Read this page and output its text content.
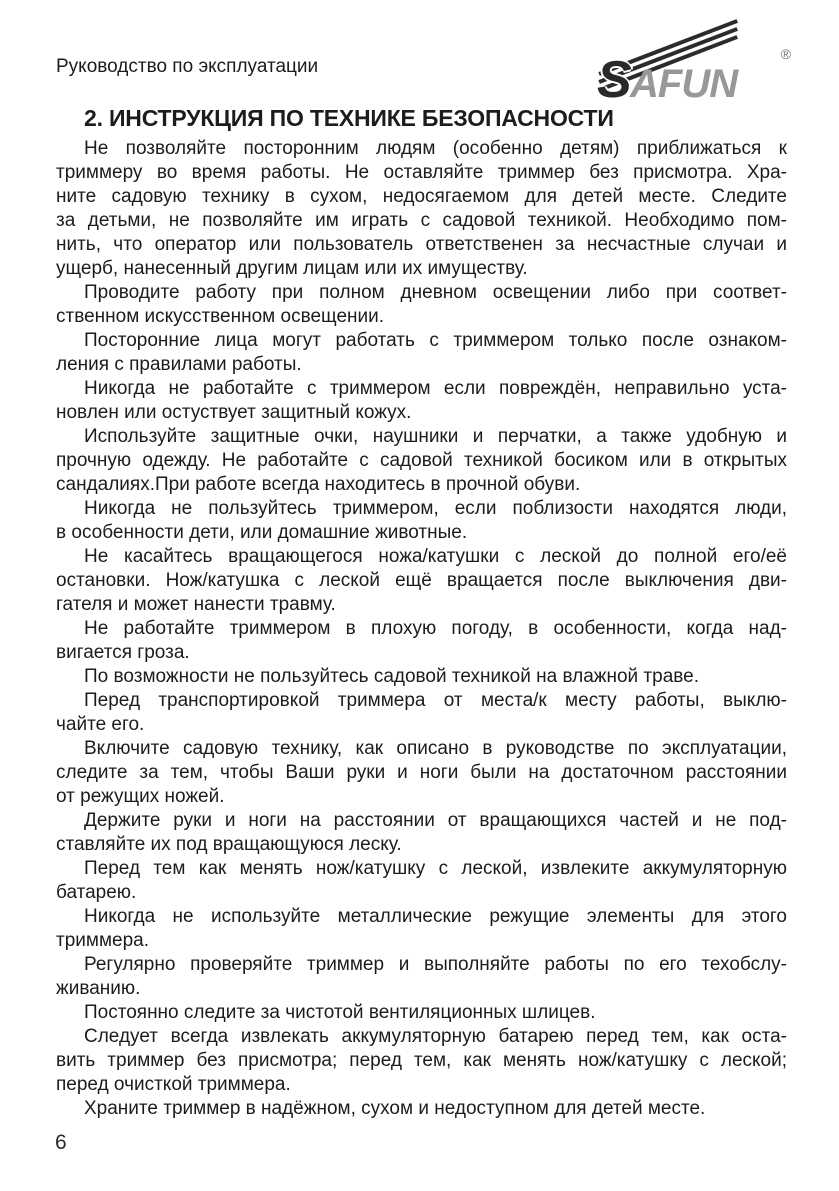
Руководство по эксплуатации	S
AFUN
®
2. ИНСТРУКЦИЯ ПО ТЕХНИКЕ БЕЗОПАСНОСТИ
Не позволяйте посторонним людям (особенно детям) приближаться к
триммеру во время работы. Не оставляйте триммер без присмотра. Хра-
ните садовую технику в сухом, недосягаемом для детей месте. Следите
за детьми, не позволяйте им играть с садовой техникой. Необходимо пом-
нить, что оператор или пользователь ответственен за несчастные случаи и
ущерб, нанесенный другим лицам или их имуществу.
Проводите работу при полном дневном освещении либо при соответ-
ственном искусственном освещении.
Посторонние лица могут работать с триммером только после ознаком-
ления с правилами работы.
Никогда не работайте с триммером если повреждён, неправильно уста-
новлен или остуствует защитный кожух.
Используйте защитные очки, наушники и перчатки, а также удобную и
прочную одежду. Не работайте с садовой техникой босиком или в открытых
сандалиях.При работе всегда находитесь в прочной обуви.
Никогда не пользуйтесь триммером, если поблизости находятся люди,
в особенности дети, или домашние животные.
Не касайтесь вращающегося ножа/катушки с леской до полной его/её
остановки. Нож/катушка с леской ещё вращается после выключения дви-
гателя и может нанести травму.
Не работайте триммером в плохую погоду, в особенности, когда над-
вигается гроза.
По возможности не пользуйтесь садовой техникой на влажной траве.
Перед транспортировкой триммера от места/к месту работы, выклю-
чайте его.
Включите садовую технику, как описано в руководстве по эксплуатации,
следите за тем, чтобы Ваши руки и ноги были на достаточном расстоянии
от режущих ножей.
Держите руки и ноги на расстоянии от вращающихся частей и не под-
ставляйте их под вращающуюся леску.
Перед тем как менять нож/катушку с леской, извлеките аккумуляторную
батарею.
Никогда не используйте металлические режущие элементы для этого
триммера.
Регулярно проверяйте триммер и выполняйте работы по его техобслу-
живанию.
Постоянно следите за чистотой вентиляционных шлицев.
Следует всегда извлекать аккумуляторную батарею перед тем, как оста-
вить триммер без присмотра; перед тем, как менять нож/катушку с леской;
перед очисткой триммера.
Храните триммер в надёжном, сухом и недоступном для детей месте.
6
